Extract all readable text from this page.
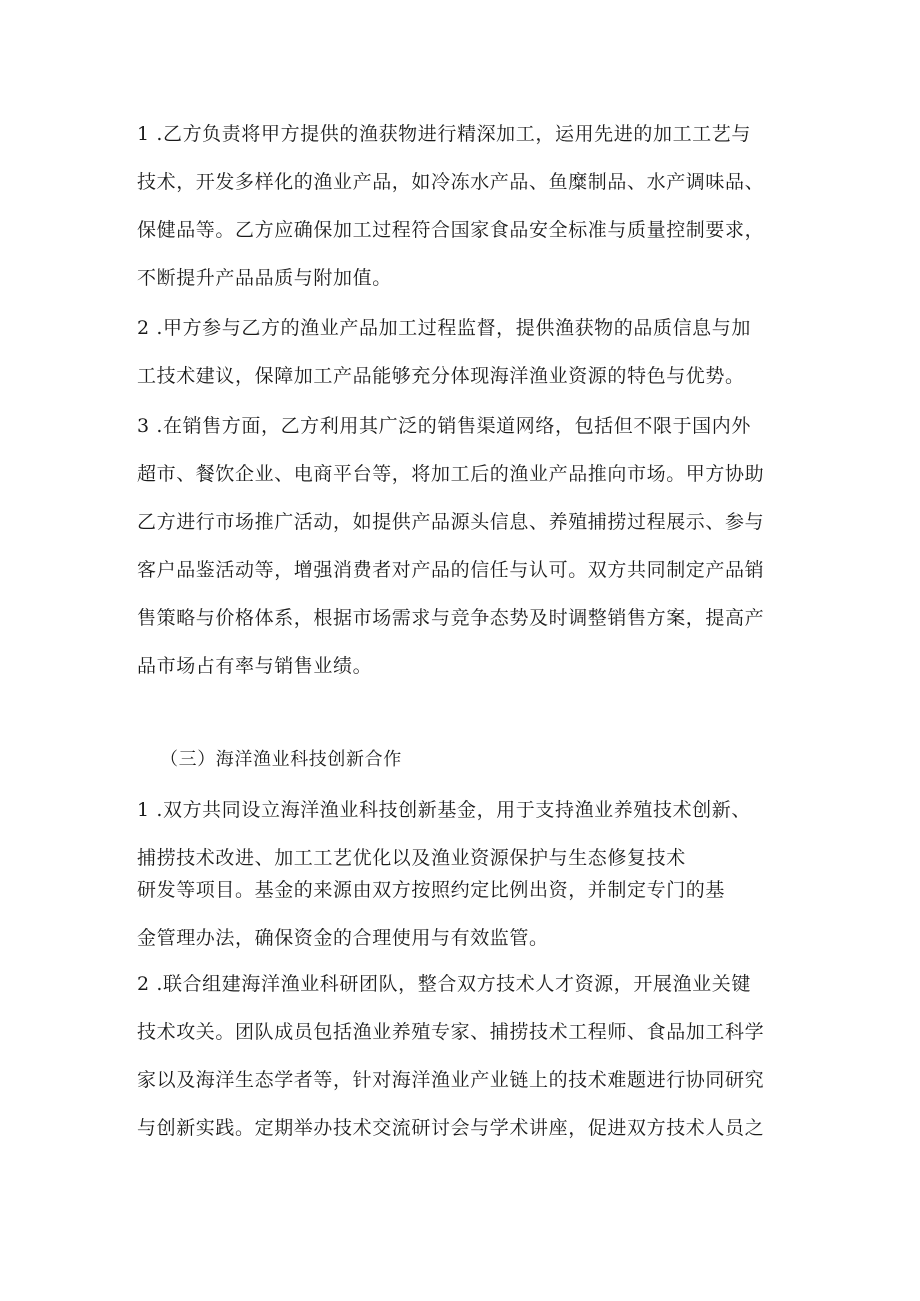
1 .乙方负责将甲方提供的渔获物进行精深加工，运用先进的加工工艺与
技术，开发多样化的渔业产品，如冷冻水产品、鱼糜制品、水产调味品、
保健品等。乙方应确保加工过程符合国家食品安全标准与质量控制要求，
不断提升产品品质与附加值。
2 .甲方参与乙方的渔业产品加工过程监督，提供渔获物的品质信息与加
工技术建议，保障加工产品能够充分体现海洋渔业资源的特色与优势。
3 .在销售方面，乙方利用其广泛的销售渠道网络，包括但不限于国内外
超市、餐饮企业、电商平台等，将加工后的渔业产品推向市场。甲方协助
乙方进行市场推广活动，如提供产品源头信息、养殖捕捞过程展示、参与
客户品鉴活动等，增强消费者对产品的信任与认可。双方共同制定产品销
售策略与价格体系，根据市场需求与竞争态势及时调整销售方案，提高产
品市场占有率与销售业绩。
（三）海洋渔业科技创新合作
1 .双方共同设立海洋渔业科技创新基金，用于支持渔业养殖技术创新、
捕捞技术改进、加工工艺优化以及渔业资源保护与生态修复技术
研发等项目。基金的来源由双方按照约定比例出资，并制定专门的基
金管理办法，确保资金的合理使用与有效监管。
2 .联合组建海洋渔业科研团队，整合双方技术人才资源，开展渔业关键
技术攻关。团队成员包括渔业养殖专家、捕捞技术工程师、食品加工科学
家以及海洋生态学者等，针对海洋渔业产业链上的技术难题进行协同研究
与创新实践。定期举办技术交流研讨会与学术讲座，促进双方技术人员之
